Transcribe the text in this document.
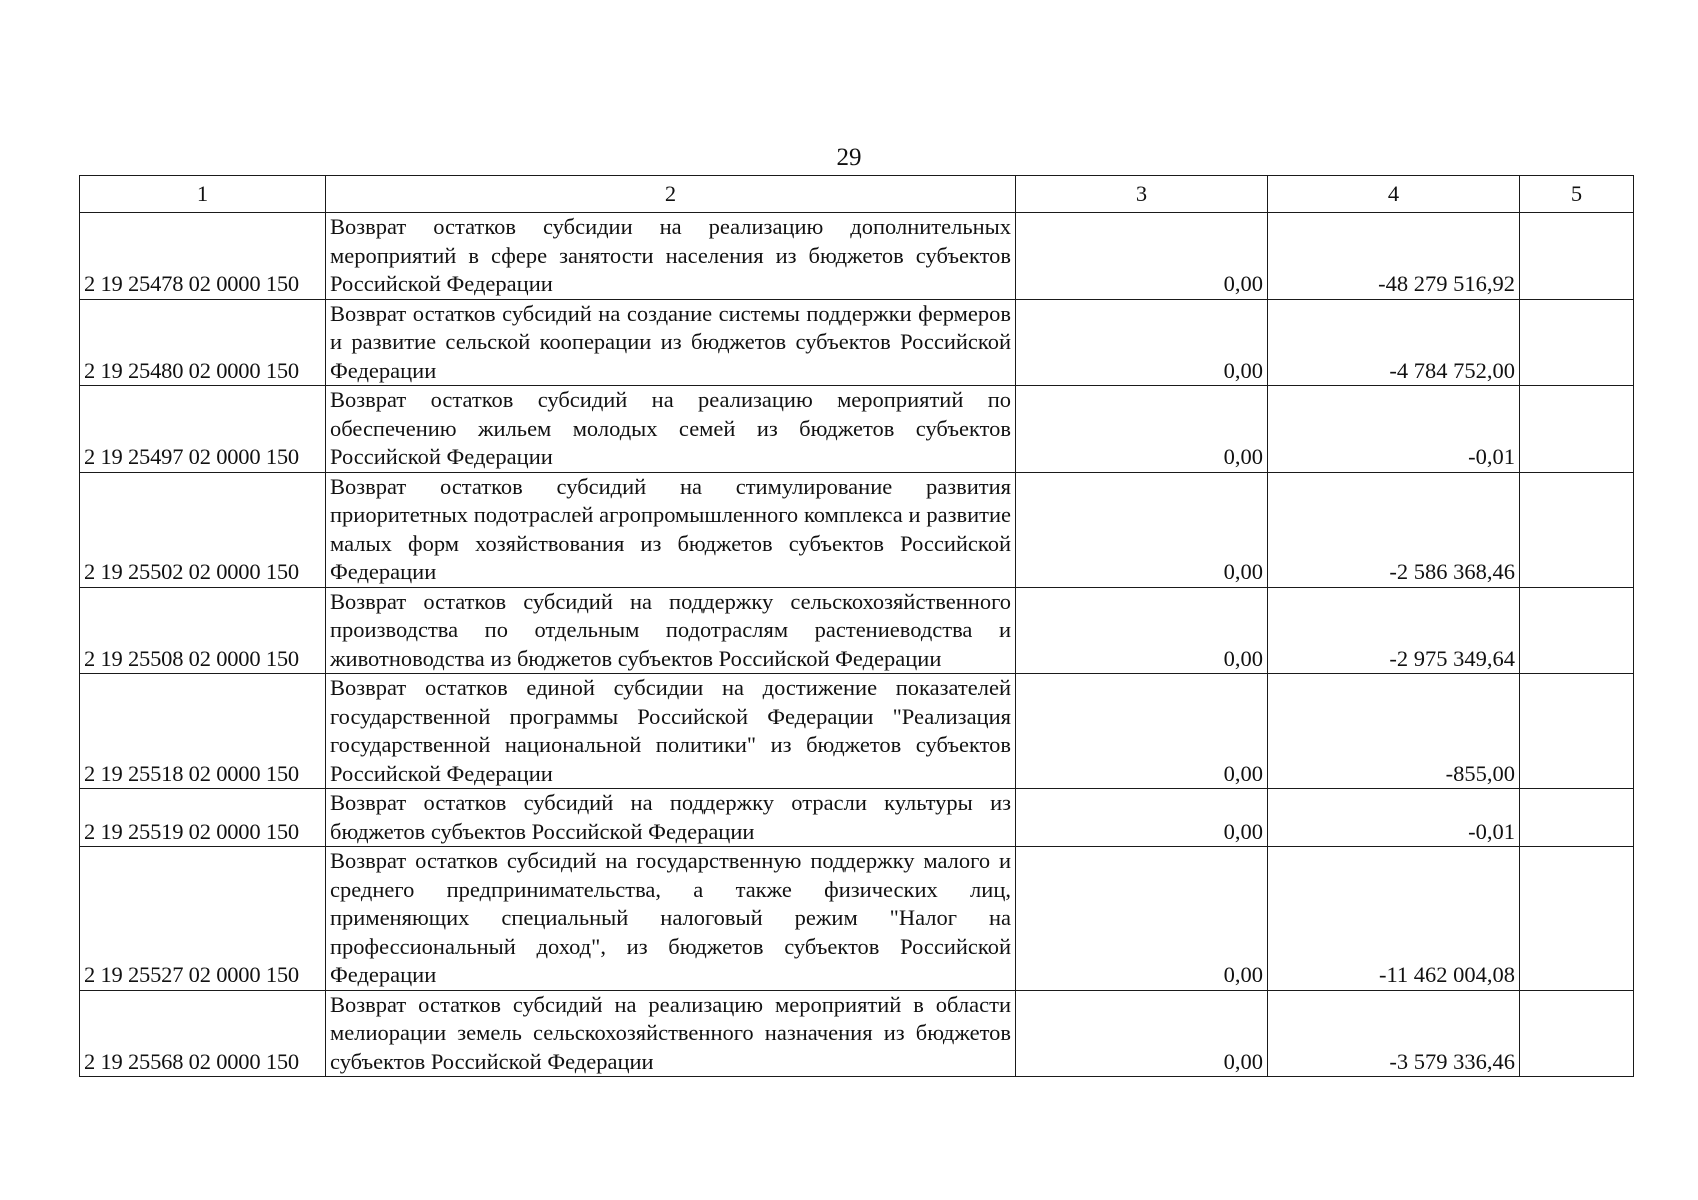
29
1	2	3	4	5
2 19 25478 02 0000 150	Возврат остатков субсидии на реализацию дополнительных мероприятий в сфере занятости населения из бюджетов субъектов Российской Федерации	0,00	-48 279 516,92	
2 19 25480 02 0000 150	Возврат остатков субсидий на создание системы поддержки фермеров и развитие сельской кооперации из бюджетов субъектов Российской Федерации	0,00	-4 784 752,00	
2 19 25497 02 0000 150	Возврат остатков субсидий на реализацию мероприятий по обеспечению жильем молодых семей из бюджетов субъектов Российской Федерации	0,00	-0,01	
2 19 25502 02 0000 150	Возврат остатков субсидий на стимулирование развития приоритетных подотраслей агропромышленного комплекса и развитие малых форм хозяйствования из бюджетов субъектов Российской Федерации	0,00	-2 586 368,46	
2 19 25508 02 0000 150	Возврат остатков субсидий на поддержку сельскохозяйственного производства по отдельным подотраслям растениеводства и животноводства из бюджетов субъектов Российской Федерации	0,00	-2 975 349,64	
2 19 25518 02 0000 150	Возврат остатков единой субсидии на достижение показателей государственной программы Российской Федерации "Реализация государственной национальной политики" из бюджетов субъектов Российской Федерации	0,00	-855,00	
2 19 25519 02 0000 150	Возврат остатков субсидий на поддержку отрасли культуры из бюджетов субъектов Российской Федерации	0,00	-0,01	
2 19 25527 02 0000 150	Возврат остатков субсидий на государственную поддержку малого и среднего предпринимательства, а также физических лиц, применяющих специальный налоговый режим "Налог на профессиональный доход", из бюджетов субъектов Российской Федерации	0,00	-11 462 004,08	
2 19 25568 02 0000 150	Возврат остатков субсидий на реализацию мероприятий в области мелиорации земель сельскохозяйственного назначения из бюджетов субъектов Российской Федерации	0,00	-3 579 336,46	
